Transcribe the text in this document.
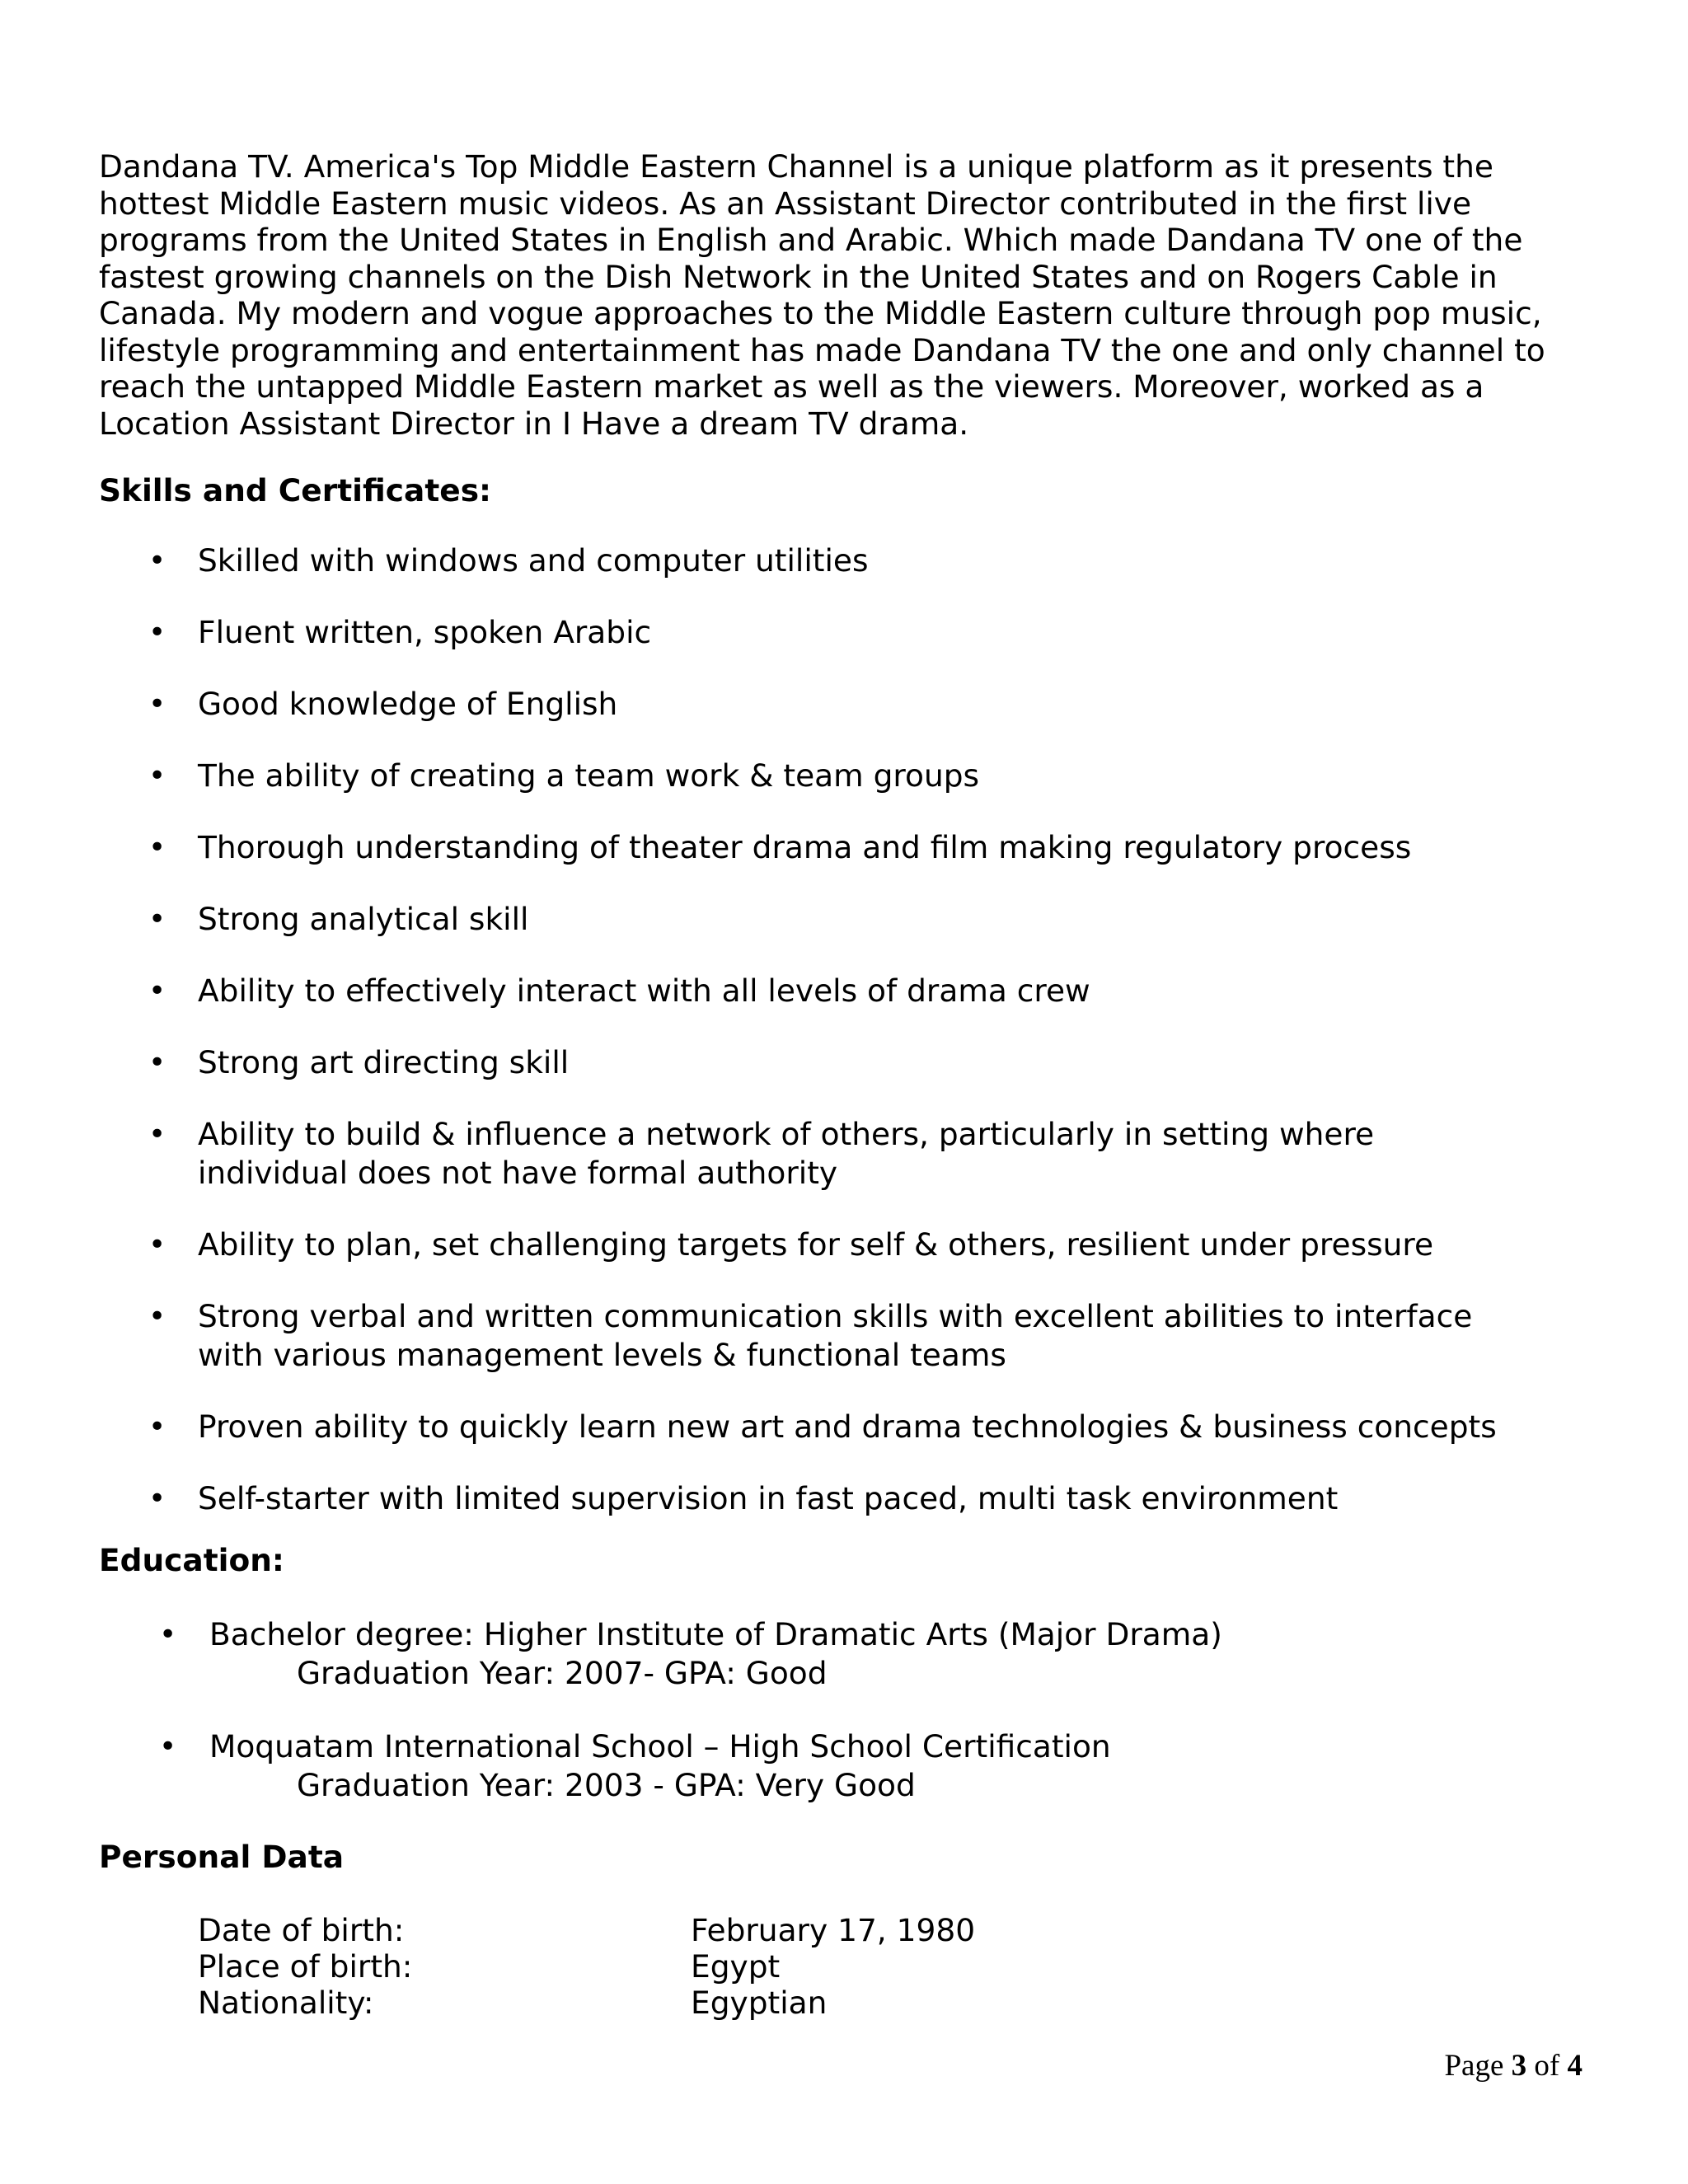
Dandana TV. America's Top Middle Eastern Channel is a unique platform as it presents the hottest Middle Eastern music videos. As an Assistant Director contributed in the first live programs from the United States in English and Arabic. Which made Dandana TV one of the fastest growing channels on the Dish Network in the United States and on Rogers Cable in Canada. My modern and vogue approaches to the Middle Eastern culture through pop music, lifestyle programming and entertainment has made Dandana TV the one and only channel to reach the untapped Middle Eastern market as well as the viewers. Moreover, worked as a Location Assistant Director in I Have a dream TV drama.

Skills and Certificates:
• Skilled with windows and computer utilities
• Fluent written, spoken Arabic
• Good knowledge of English
• The ability of creating a team work & team groups
• Thorough understanding of theater drama and film making regulatory process
• Strong analytical skill
• Ability to effectively interact with all levels of drama crew
• Strong art directing skill
• Ability to build & influence a network of others, particularly in setting where individual does not have formal authority
• Ability to plan, set challenging targets for self & others, resilient under pressure
• Strong verbal and written communication skills with excellent abilities to interface with various management levels & functional teams
• Proven ability to quickly learn new art and drama technologies & business concepts
• Self-starter with limited supervision in fast paced, multi task environment
Education:
• Bachelor degree: Higher Institute of Dramatic Arts (Major Drama)
Graduation Year: 2007- GPA: Good
• Moquatam International School – High School Certification
Graduation Year: 2003 - GPA: Very Good
Personal Data
Date of birth:	February 17, 1980
Place of birth:	Egypt
Nationality:	Egyptian
Page 3 of 4
